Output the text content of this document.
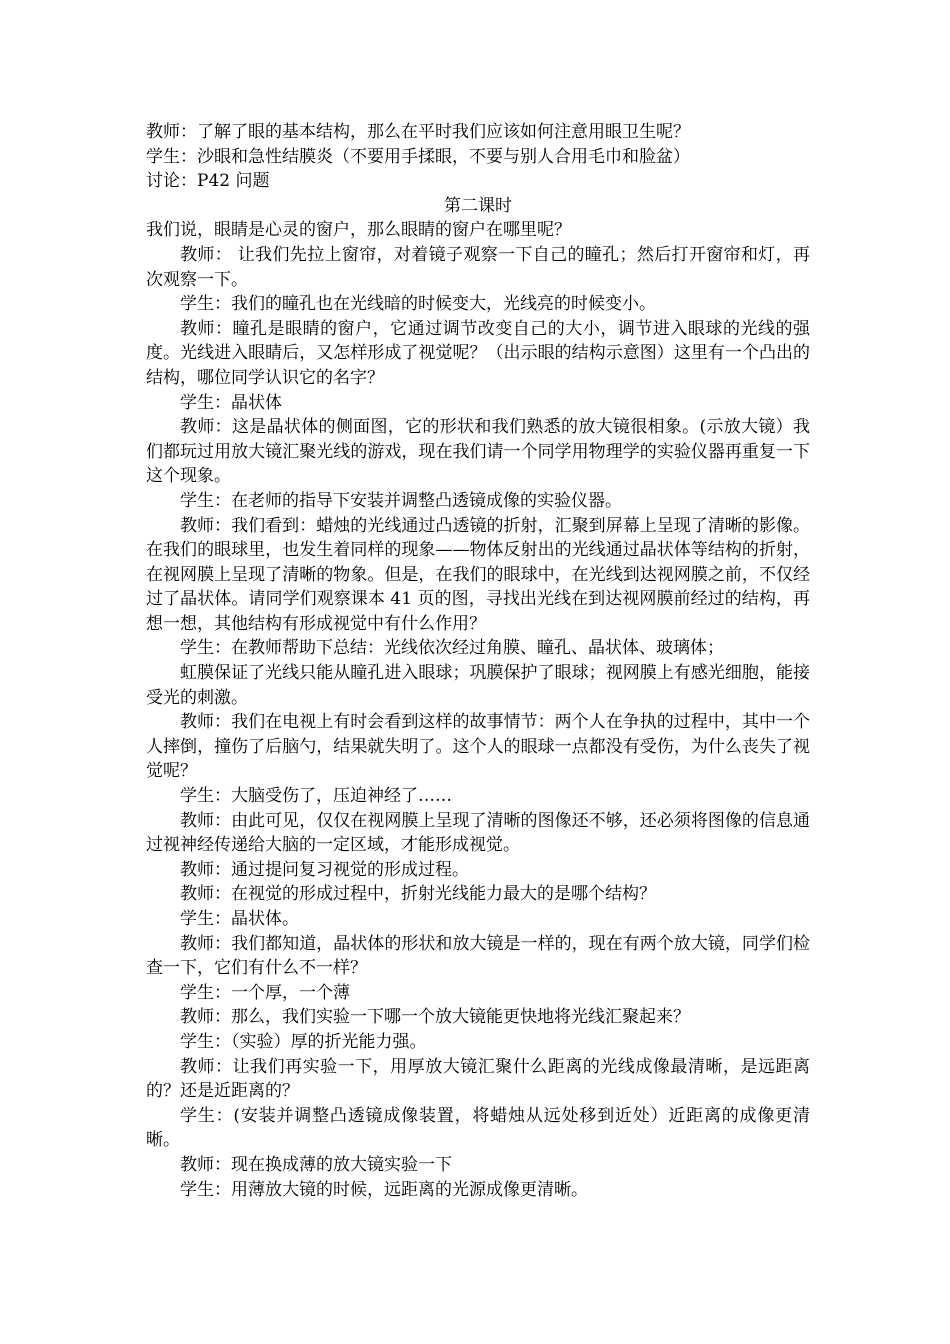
教师：了解了眼的基本结构，那么在平时我们应该如何注意用眼卫生呢？

学生：沙眼和急性结膜炎（不要用手揉眼，不要与别人合用毛巾和脸盆）

讨论：P42 问题

第二课时

我们说，眼睛是心灵的窗户，那么眼睛的窗户在哪里呢？

教师： 让我们先拉上窗帘，对着镜子观察一下自己的瞳孔；然后打开窗帘和灯，再次观察一下。

学生：我们的瞳孔也在光线暗的时候变大，光线亮的时候变小。

教师：瞳孔是眼睛的窗户，它通过调节改变自己的大小，调节进入眼球的光线的强度。光线进入眼睛后，又怎样形成了视觉呢？（出示眼的结构示意图）这里有一个凸出的结构，哪位同学认识它的名字？

学生：晶状体

教师：这是晶状体的侧面图，它的形状和我们熟悉的放大镜很相象。(示放大镜）我们都玩过用放大镜汇聚光线的游戏，现在我们请一个同学用物理学的实验仪器再重复一下这个现象。

学生：在老师的指导下安装并调整凸透镜成像的实验仪器。

教师：我们看到：蜡烛的光线通过凸透镜的折射，汇聚到屏幕上呈现了清晰的影像。在我们的眼球里，也发生着同样的现象——物体反射出的光线通过晶状体等结构的折射，在视网膜上呈现了清晰的物象。但是，在我们的眼球中，在光线到达视网膜之前，不仅经过了晶状体。请同学们观察课本 41 页的图，寻找出光线在到达视网膜前经过的结构，再想一想，其他结构有形成视觉中有什么作用？

学生：在教师帮助下总结：光线依次经过角膜、瞳孔、晶状体、玻璃体；

虹膜保证了光线只能从瞳孔进入眼球；巩膜保护了眼球；视网膜上有感光细胞，能接受光的刺激。

教师：我们在电视上有时会看到这样的故事情节：两个人在争执的过程中，其中一个人摔倒，撞伤了后脑勺，结果就失明了。这个人的眼球一点都没有受伤，为什么丧失了视觉呢？

学生：大脑受伤了，压迫神经了……

教师：由此可见，仅仅在视网膜上呈现了清晰的图像还不够，还必须将图像的信息通过视神经传递给大脑的一定区域，才能形成视觉。

教师：通过提问复习视觉的形成过程。

教师：在视觉的形成过程中，折射光线能力最大的是哪个结构？

学生：晶状体。

教师：我们都知道，晶状体的形状和放大镜是一样的，现在有两个放大镜，同学们检查一下，它们有什么不一样？

学生：一个厚，一个薄

教师：那么，我们实验一下哪一个放大镜能更快地将光线汇聚起来？

学生：（实验）厚的折光能力强。

教师：让我们再实验一下，用厚放大镜汇聚什么距离的光线成像最清晰，是远距离的？还是近距离的？

学生：(安装并调整凸透镜成像装置，将蜡烛从远处移到近处）近距离的成像更清晰。

教师：现在换成薄的放大镜实验一下

学生：用薄放大镜的时候，远距离的光源成像更清晰。
